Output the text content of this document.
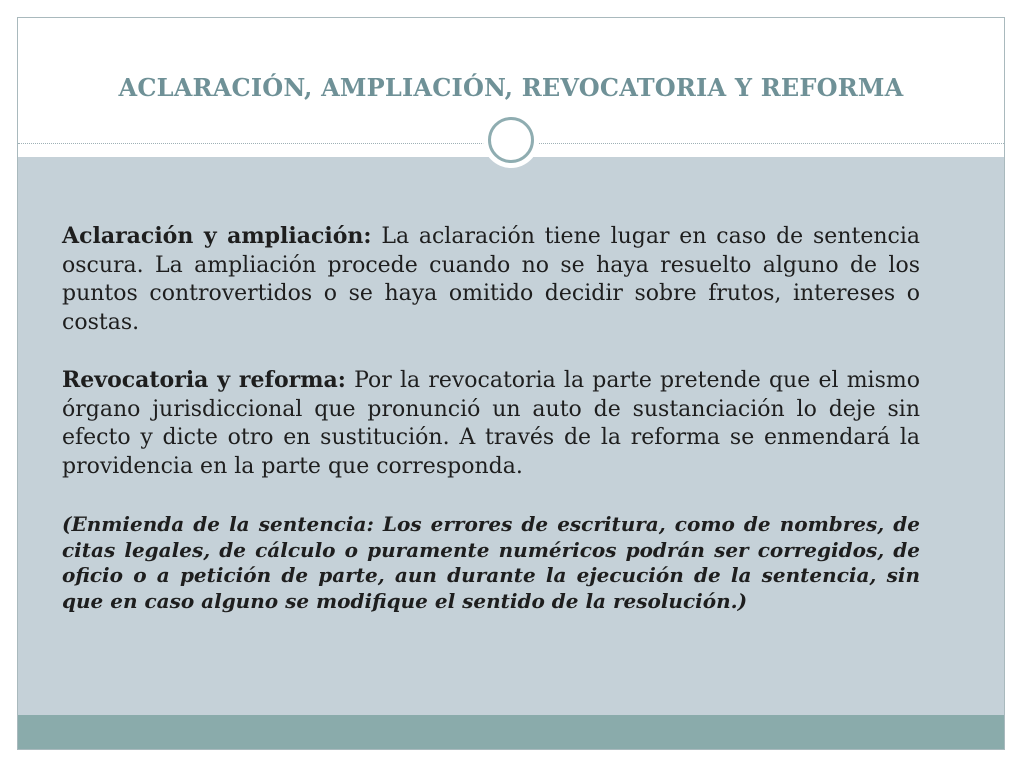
ACLARACIÓN, AMPLIACIÓN, REVOCATORIA Y REFORMA

Aclaración y ampliación: La aclaración tiene lugar en caso de sentencia oscura. La ampliación procede cuando no se haya resuelto alguno de los puntos controvertidos o se haya omitido decidir sobre frutos, intereses o costas.

Revocatoria y reforma: Por la revocatoria la parte pretende que el mismo órgano jurisdiccional que pronunció un auto de sustanciación lo deje sin efecto y dicte otro en sustitución. A través de la reforma se enmendará la providencia en la parte que corresponda.

(Enmienda de la sentencia: Los errores de escritura, como de nombres, de citas legales, de cálculo o puramente numéricos podrán ser corregidos, de oficio o a petición de parte, aun durante la ejecución de la sentencia, sin que en caso alguno se modifique el sentido de la resolución.)
